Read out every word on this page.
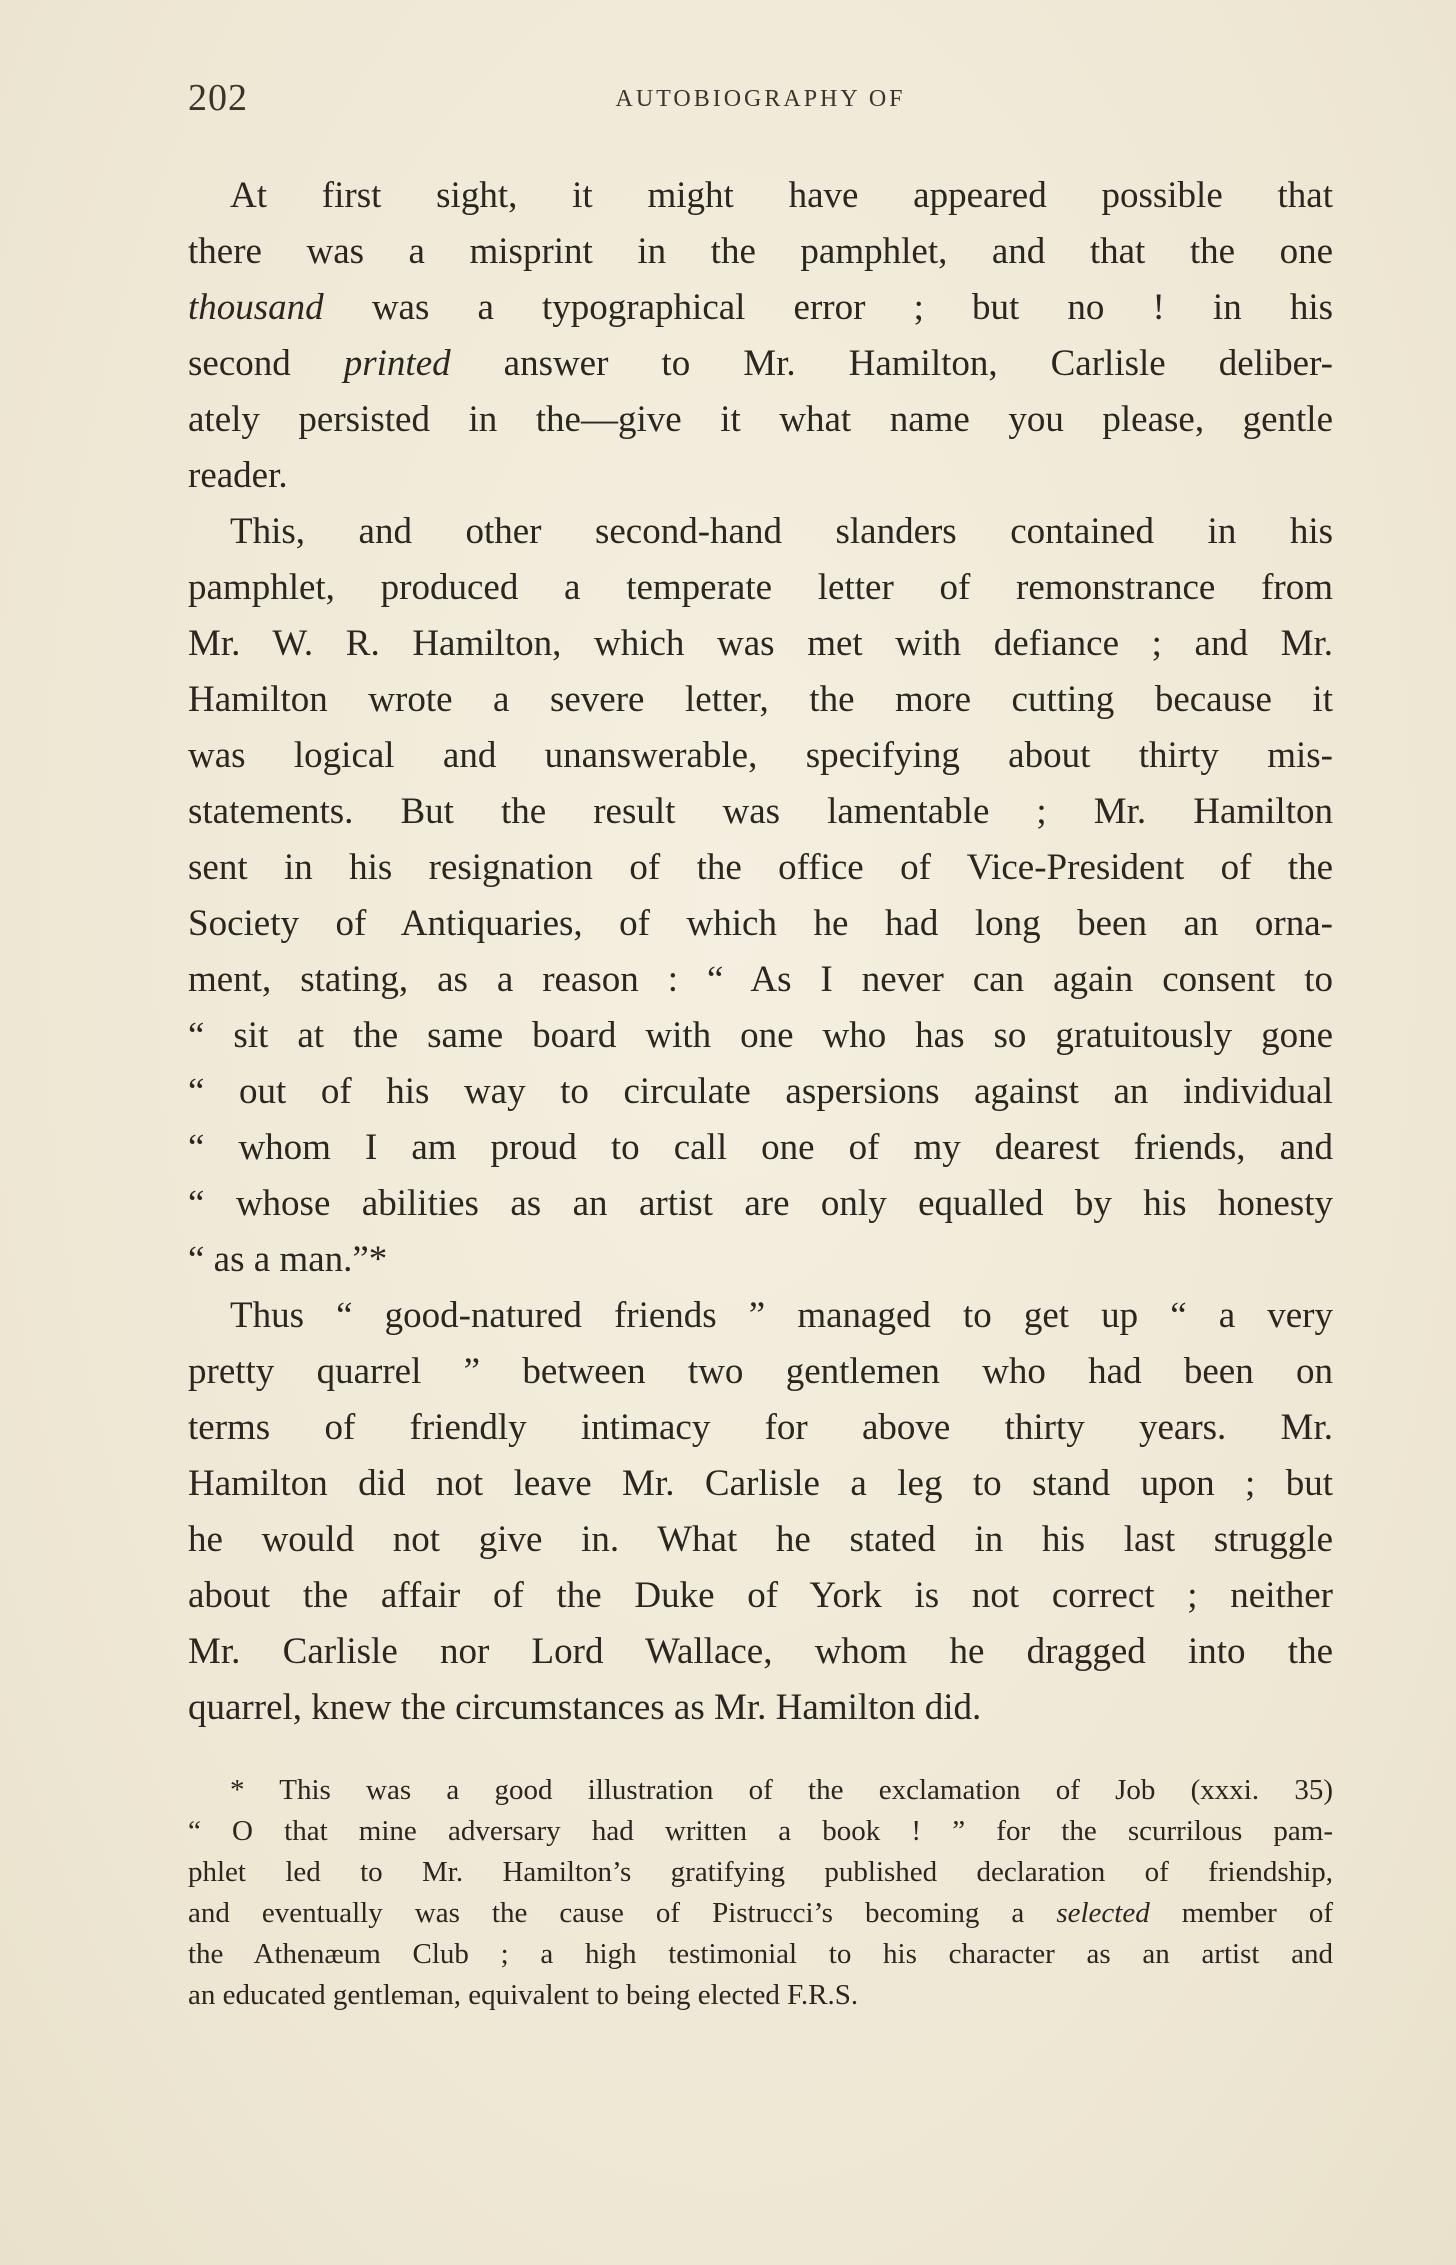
202	AUTOBIOGRAPHY OF
At first sight, it might have appeared possible that
there was a misprint in the pamphlet, and that the one
thousand was a typographical error ; but no ! in his
second printed answer to Mr. Hamilton, Carlisle deliber-
ately persisted in the—give it what name you please, gentle
reader.
This, and other second-hand slanders contained in his
pamphlet, produced a temperate letter of remonstrance from
Mr. W. R. Hamilton, which was met with defiance ; and Mr.
Hamilton wrote a severe letter, the more cutting because it
was logical and unanswerable, specifying about thirty mis-
statements. But the result was lamentable ; Mr. Hamilton
sent in his resignation of the office of Vice-President of the
Society of Antiquaries, of which he had long been an orna-
ment, stating, as a reason : “ As I never can again consent to
“ sit at the same board with one who has so gratuitously gone
“ out of his way to circulate aspersions against an individual
“ whom I am proud to call one of my dearest friends, and
“ whose abilities as an artist are only equalled by his honesty
“ as a man.”*
Thus “ good-natured friends ” managed to get up “ a very
pretty quarrel ” between two gentlemen who had been on
terms of friendly intimacy for above thirty years. Mr.
Hamilton did not leave Mr. Carlisle a leg to stand upon ; but
he would not give in. What he stated in his last struggle
about the affair of the Duke of York is not correct ; neither
Mr. Carlisle nor Lord Wallace, whom he dragged into the
quarrel, knew the circumstances as Mr. Hamilton did.
* This was a good illustration of the exclamation of Job (xxxi. 35)
“ O that mine adversary had written a book ! ” for the scurrilous pam-
phlet led to Mr. Hamilton’s gratifying published declaration of friendship,
and eventually was the cause of Pistrucci’s becoming a selected member of
the Athenæum Club ; a high testimonial to his character as an artist and
an educated gentleman, equivalent to being elected F.R.S.
